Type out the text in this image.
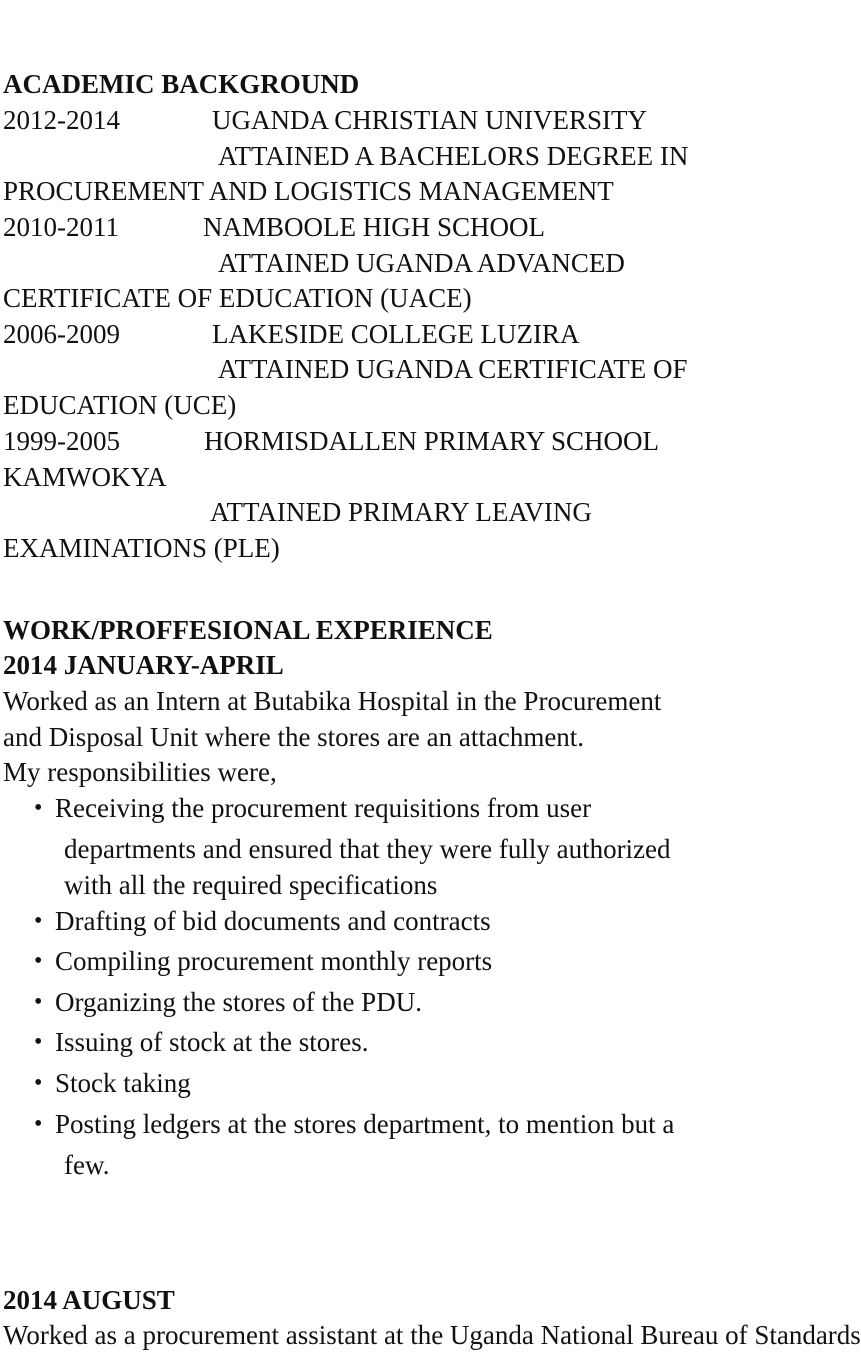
ACADEMIC BACKGROUND
2012-2014	UGANDA CHRISTIAN UNIVERSITY
ATTAINED A BACHELORS DEGREE IN
PROCUREMENT AND LOGISTICS MANAGEMENT
2010-2011	NAMBOOLE HIGH SCHOOL
ATTAINED UGANDA ADVANCED
CERTIFICATE OF EDUCATION (UACE)
2006-2009	LAKESIDE COLLEGE LUZIRA
ATTAINED UGANDA CERTIFICATE OF
EDUCATION (UCE)
1999-2005	HORMISDALLEN PRIMARY SCHOOL
KAMWOKYA
ATTAINED PRIMARY LEAVING
EXAMINATIONS (PLE)
WORK/PROFFESIONAL EXPERIENCE
2014 JANUARY-APRIL
Worked as an Intern at Butabika Hospital in the Procurement
and Disposal Unit where the stores are an attachment.
My responsibilities were,
• Receiving the procurement requisitions from user
departments and ensured that they were fully authorized
with all the required specifications
• Drafting of bid documents and contracts
• Compiling procurement monthly reports
• Organizing the stores of the PDU.
• Issuing of stock at the stores.
• Stock taking
• Posting ledgers at the stores department, to mention but a
few.
2014 AUGUST
Worked as a procurement assistant at the Uganda National Bureau of Standards
